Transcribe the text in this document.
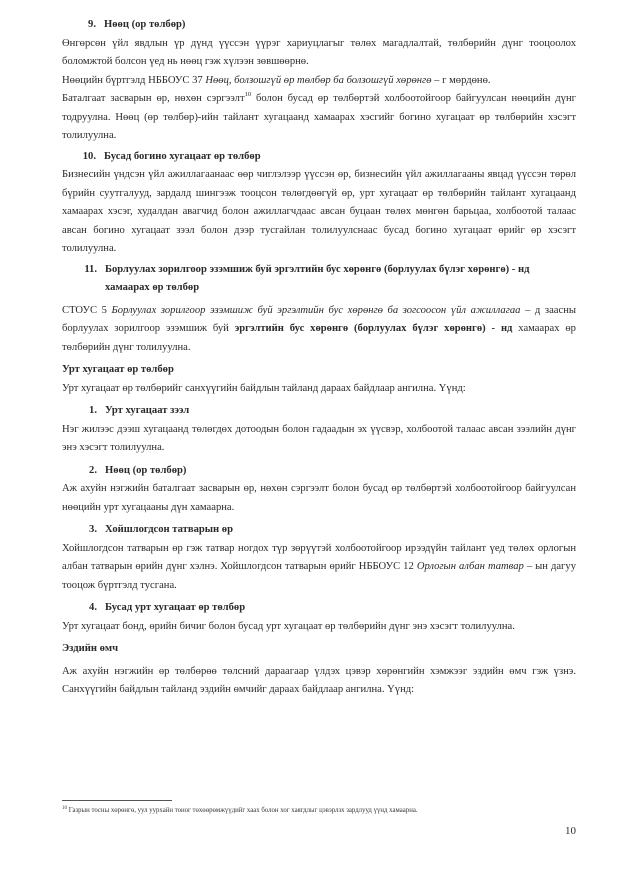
9. Нөөц (ор төлбөр)

Өнгөрсөн үйл явдлын үр дүнд үүссэн үүрэг хариуцлагыг төлөх магадлалтай, төлбөрийн дүнг тооцоолох боломжтой болсон үед нь нөөц гэж хүлээн зөвшөөрнө.

Нөөцийн бүртгэлд НББОУС 37 Нөөц, болзошгүй өр төлбөр ба болзошгүй хөрөнгө – г мөрдөнө.

Баталгаат засварын өр, нөхөн сэргээлт$^{10}$ болон бусад өр төлбөртэй холбоотойгоор байгуулсан нөөцийн дүнг тодруулна. Нөөц (өр төлбөр)-ийн тайлант хугацаанд хамаарах хэсгийг богино хугацаат өр төлбөрийн хэсэгт толилуулна.

10. Бусад богино хугацаат өр төлбөр

Бизнесийн үндсэн үйл ажиллагаанаас өөр чиглэлээр үүссэн өр, бизнесийн үйл ажиллагааны явцад үүссэн төрөл бүрийн суутгалууд, зардалд шингээж тооцсон төлөгдөөгүй өр, урт хугацаат өр төлбөрийн тайлант хугацаанд хамаарах хэсэг, худалдан авагчид болон ажиллагчдаас авсан буцаан төлөх мөнгөн барьцаа, холбоотой талаас авсан богино хугацаат зээл болон дээр тусгайлан толилуулснаас бусад богино хугацаат өрийг өр хэсэгт толилуулна.

11. Борлуулах зорилгоор эзэмшиж буй эргэлтийн бус хөрөнгө (борлуулах бүлэг хөрөнгө) - нд хамаарах өр төлбөр

СТОУС 5 Борлуулах зорилгоор эзэмшиж буй эргэлтийн бус хөрөнгө ба зогсоосон үйл ажиллагаа – д заасны борлуулах зорилгоор эзэмшиж буй эргэлтийн бус хөрөнгө (борлуулах бүлэг хөрөнгө) - нд хамаарах өр төлбөрийн дүнг толилуулна.

Урт хугацаат өр төлбөр

Урт хугацаат өр төлбөрийг санхүүгийн байдлын тайланд дараах байдлаар ангилна. Үүнд:

1. Урт хугацаат зээл

Нэг жилээс дээш хугацаанд төлөгдөх дотоодын болон гадаадын эх үүсвэр, холбоотой талаас авсан зээлийн дүнг энэ хэсэгт толилуулна.

2. Нөөц (ор төлбөр)

Аж ахуйн нэгжийн баталгаат засварын өр, нөхөн сэргээлт болон бусад өр төлбөртэй холбоотойгоор байгуулсан нөөцийн урт хугацааны дүн хамаарна.

3. Хойшлогдсон татварын өр

Хойшлогдсон татварын өр гэж татвар ногдох түр зөрүүтэй холбоотойгоор ирээдүйн тайлант үед төлөх орлогын албан татварын өрийн дүнг хэлнэ. Хойшлогдсон татварын өрийг НББОУС 12 Орлогын албан татвар – ын дагуу тооцож бүртгэлд тусгана.

4. Бусад урт хугацаат өр төлбөр

Урт хугацаат бонд, өрийн бичиг болон бусад урт хугацаат өр төлбөрийн дүнг энэ хэсэгт толилуулна.

Эздийн өмч

Аж ахуйн нэгжийн өр төлбөрөө төлсний дараагаар үлдэх цэвэр хөрөнгийн хэмжээг эздийн өмч гэж үзнэ. Санхүүгийн байдлын тайланд эздийн өмчийг дараах байдлаар ангилна. Үүнд:

$^{10}$ Газрын тосны хөрөнгө, уул уурхайн тоног төхөөрөмжүүдийг хаах болон хог хаягдлыг цэвэрлэх зардлууд үүнд хамаарна.
10
